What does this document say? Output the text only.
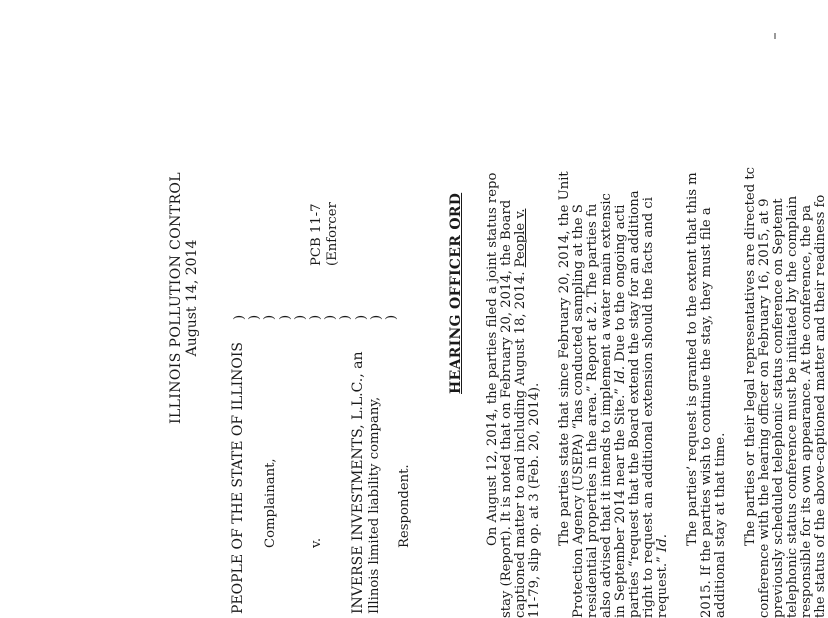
ILLINOIS POLLUTION CONTROL August 14, 2014
PEOPLE OF THE STATE OF ILLINOIS Complainant, v. INVERSE INVESTMENTS, L.L.C., an Illinois limited liability company, Respondent.
)
)
)
)
)
)
)
)
)
)
)
PCB 11-7 (Enforcer	HEARING OFFICER ORD On August 12, 2014, the parties filed a joint status repo stay (Report). It is noted that on February 20, 2014, the Board captioned matter to and including August 18, 2014. People v.
11-79, slip op. at 3 (Feb. 20, 2014). The parties state that since February 20, 2014, the Unit Protection Agency (USEPA) “has conducted sampling at the S residential properties in the area.” Report at 2. The parties fu also advised that it intends to implement a water main extensic in September 2014 near the Site.” Id. Due to the ongoing acti parties “request that the Board extend the stay for an additiona right to request an additional extension should the facts and ci request.” Id. The parties’ request is granted to the extent that this m 2015. If the parties wish to continue the stay, they must file a additional stay at that time. The parties or their legal representatives are directed tc conference with the hearing officer on February 16, 2015, at 9 previously scheduled telephonic status conference on Septemt telephonic status conference must be initiated by the complain responsible for its own appearance. At the conference, the pa the status of the above-captioned matter and their readiness fo
